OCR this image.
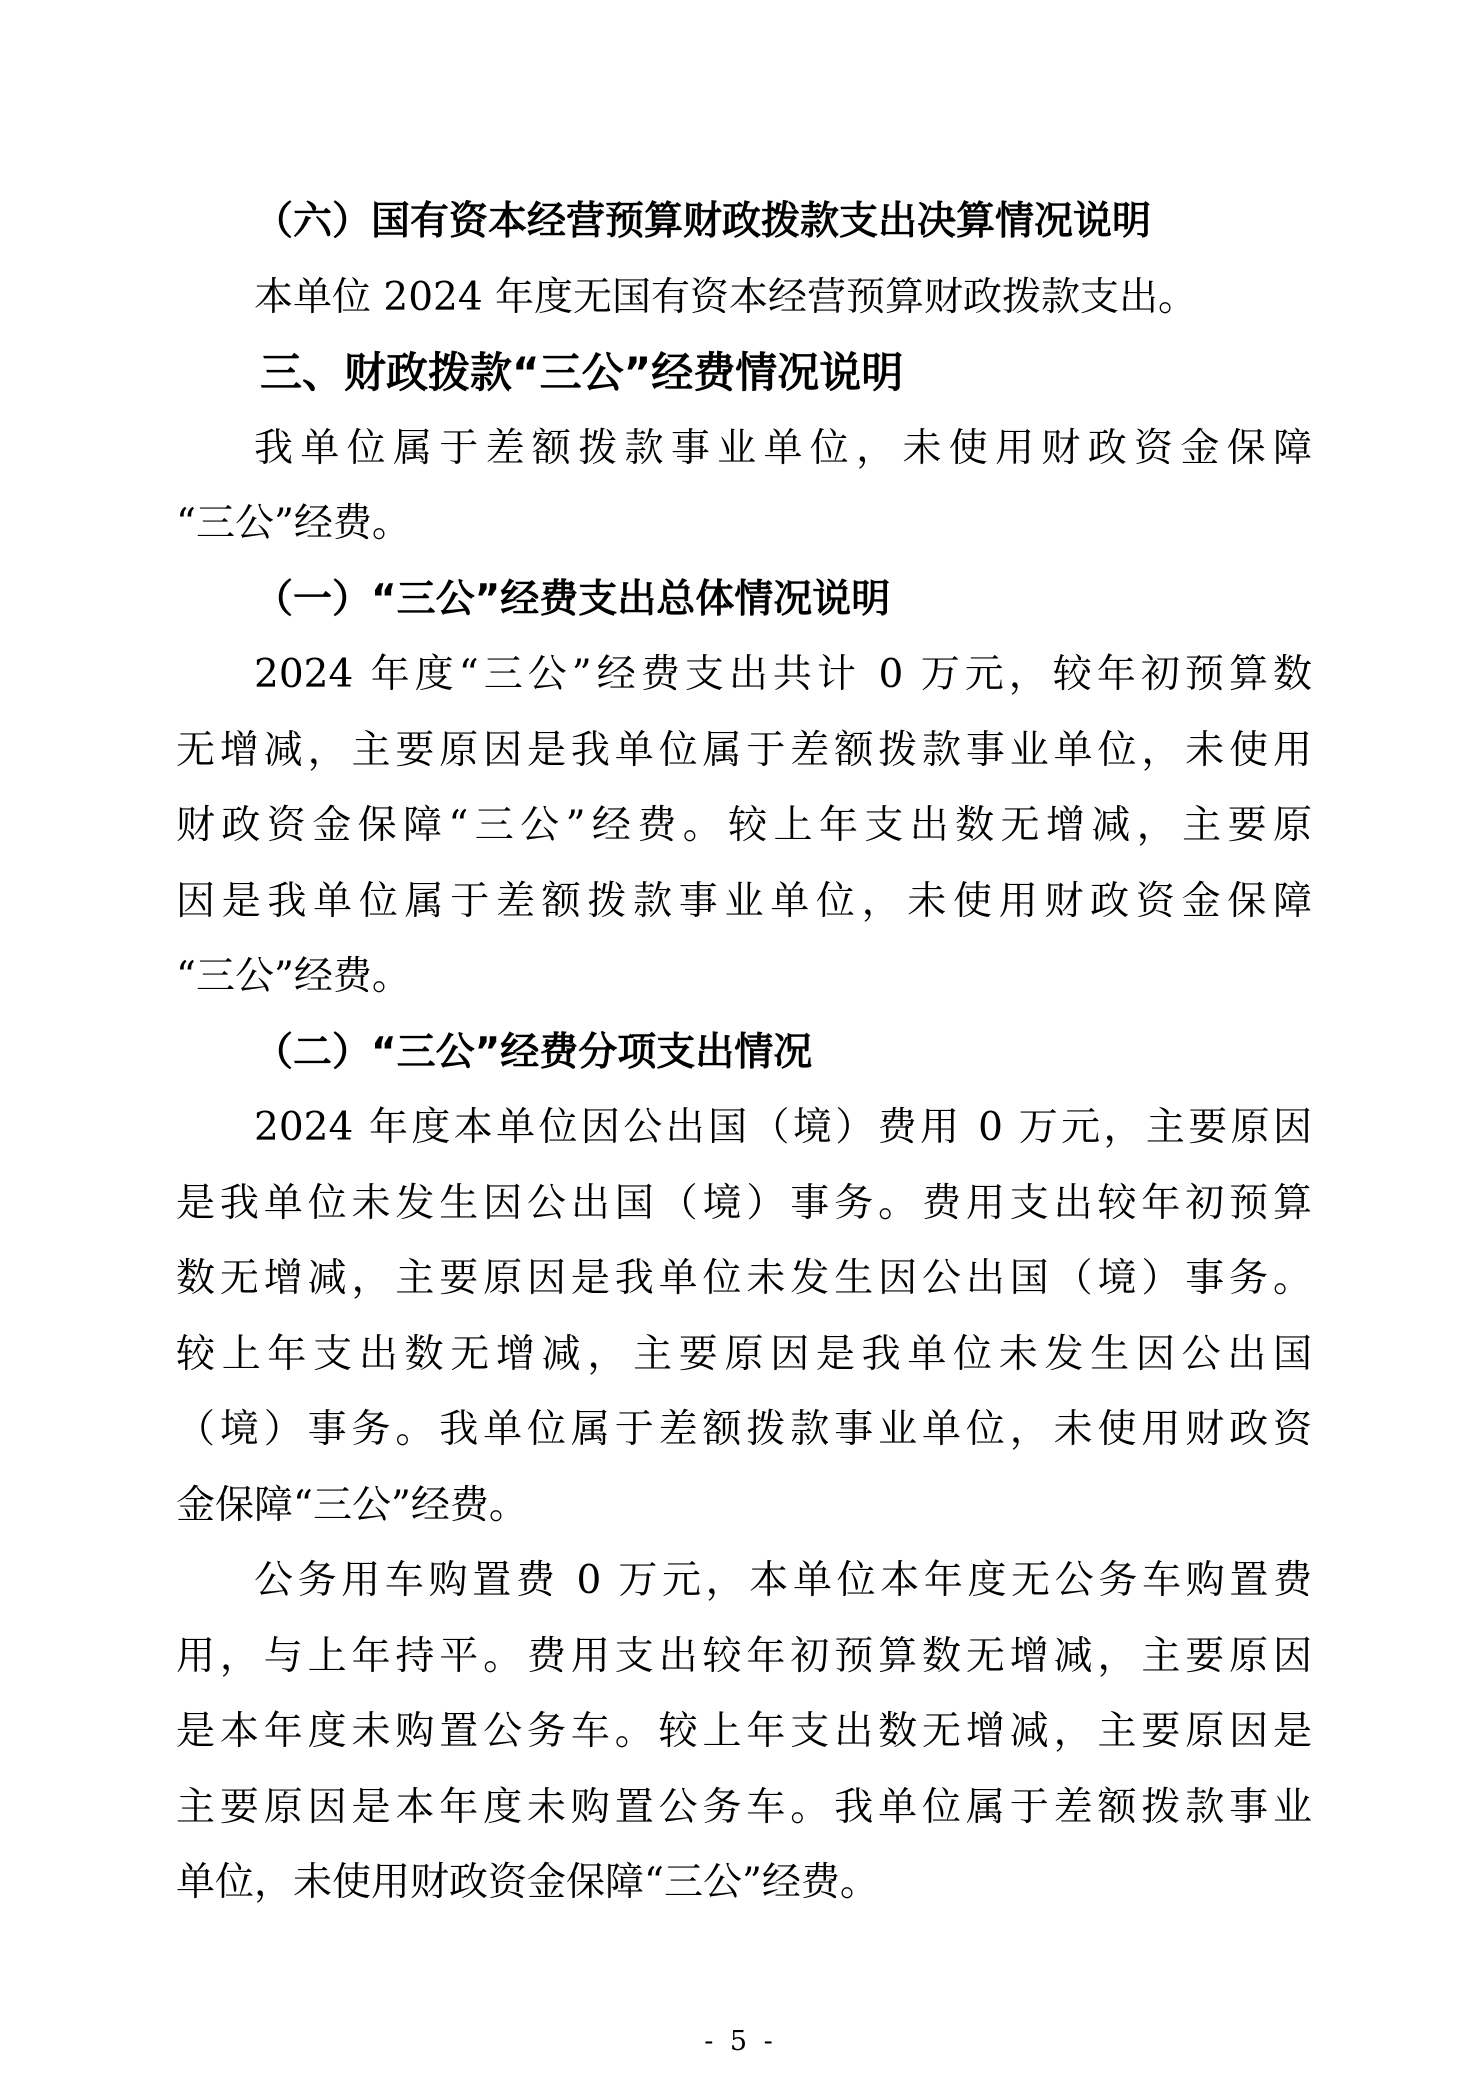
（六）国有资本经营预算财政拨款支出决算情况说明
本单位 2024 年度无国有资本经营预算财政拨款支出。
三、财政拨款“三公”经费情况说明
我单位属于差额拨款事业单位，未使用财政资金保障
“三公”经费。
（一）“三公”经费支出总体情况说明
2024 年度“三公”经费支出共计 0 万元，较年初预算数
无增减，主要原因是我单位属于差额拨款事业单位，未使用
财政资金保障“三公”经费。较上年支出数无增减，主要原
因是我单位属于差额拨款事业单位，未使用财政资金保障
“三公”经费。
（二）“三公”经费分项支出情况
2024 年度本单位因公出国（境）费用 0 万元，主要原因
是我单位未发生因公出国（境）事务。费用支出较年初预算
数无增减，主要原因是我单位未发生因公出国（境）事务。
较上年支出数无增减，主要原因是我单位未发生因公出国
（境）事务。我单位属于差额拨款事业单位，未使用财政资
金保障“三公”经费。
公务用车购置费 0 万元，本单位本年度无公务车购置费
用，与上年持平。费用支出较年初预算数无增减，主要原因
是本年度未购置公务车。较上年支出数无增减，主要原因是
主要原因是本年度未购置公务车。我单位属于差额拨款事业
单位，未使用财政资金保障“三公”经费。
- 5 -
